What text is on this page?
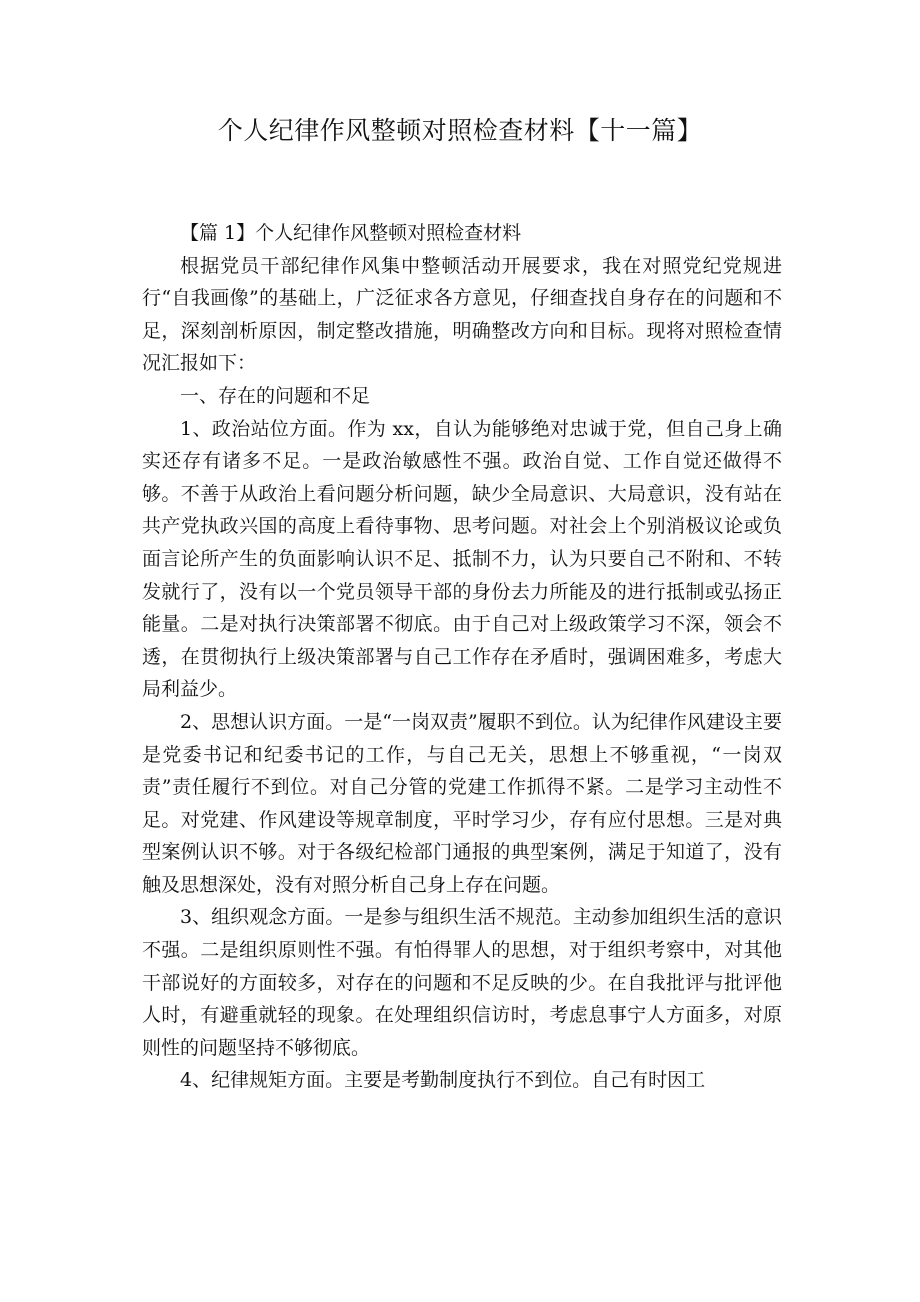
个人纪律作风整顿对照检查材料【十一篇】

【篇 1】个人纪律作风整顿对照检查材料

根据党员干部纪律作风集中整顿活动开展要求，我在对照党纪党规进行“自我画像”的基础上，广泛征求各方意见，仔细查找自身存在的问题和不足，深刻剖析原因，制定整改措施，明确整改方向和目标。现将对照检查情况汇报如下：

一、存在的问题和不足

1、政治站位方面。作为 xx，自认为能够绝对忠诚于党，但自己身上确实还存有诸多不足。一是政治敏感性不强。政治自觉、工作自觉还做得不够。不善于从政治上看问题分析问题，缺少全局意识、大局意识，没有站在共产党执政兴国的高度上看待事物、思考问题。对社会上个别消极议论或负面言论所产生的负面影响认识不足、抵制不力，认为只要自己不附和、不转发就行了，没有以一个党员领导干部的身份去力所能及的进行抵制或弘扬正能量。二是对执行决策部署不彻底。由于自己对上级政策学习不深，领会不透，在贯彻执行上级决策部署与自己工作存在矛盾时，强调困难多，考虑大局利益少。

2、思想认识方面。一是“一岗双责”履职不到位。认为纪律作风建设主要是党委书记和纪委书记的工作，与自己无关，思想上不够重视，“一岗双责”责任履行不到位。对自己分管的党建工作抓得不紧。二是学习主动性不足。对党建、作风建设等规章制度，平时学习少，存有应付思想。三是对典型案例认识不够。对于各级纪检部门通报的典型案例，满足于知道了，没有触及思想深处，没有对照分析自己身上存在问题。

3、组织观念方面。一是参与组织生活不规范。主动参加组织生活的意识不强。二是组织原则性不强。有怕得罪人的思想，对于组织考察中，对其他干部说好的方面较多，对存在的问题和不足反映的少。在自我批评与批评他人时，有避重就轻的现象。在处理组织信访时，考虑息事宁人方面多，对原则性的问题坚持不够彻底。

4、纪律规矩方面。主要是考勤制度执行不到位。自己有时因工
